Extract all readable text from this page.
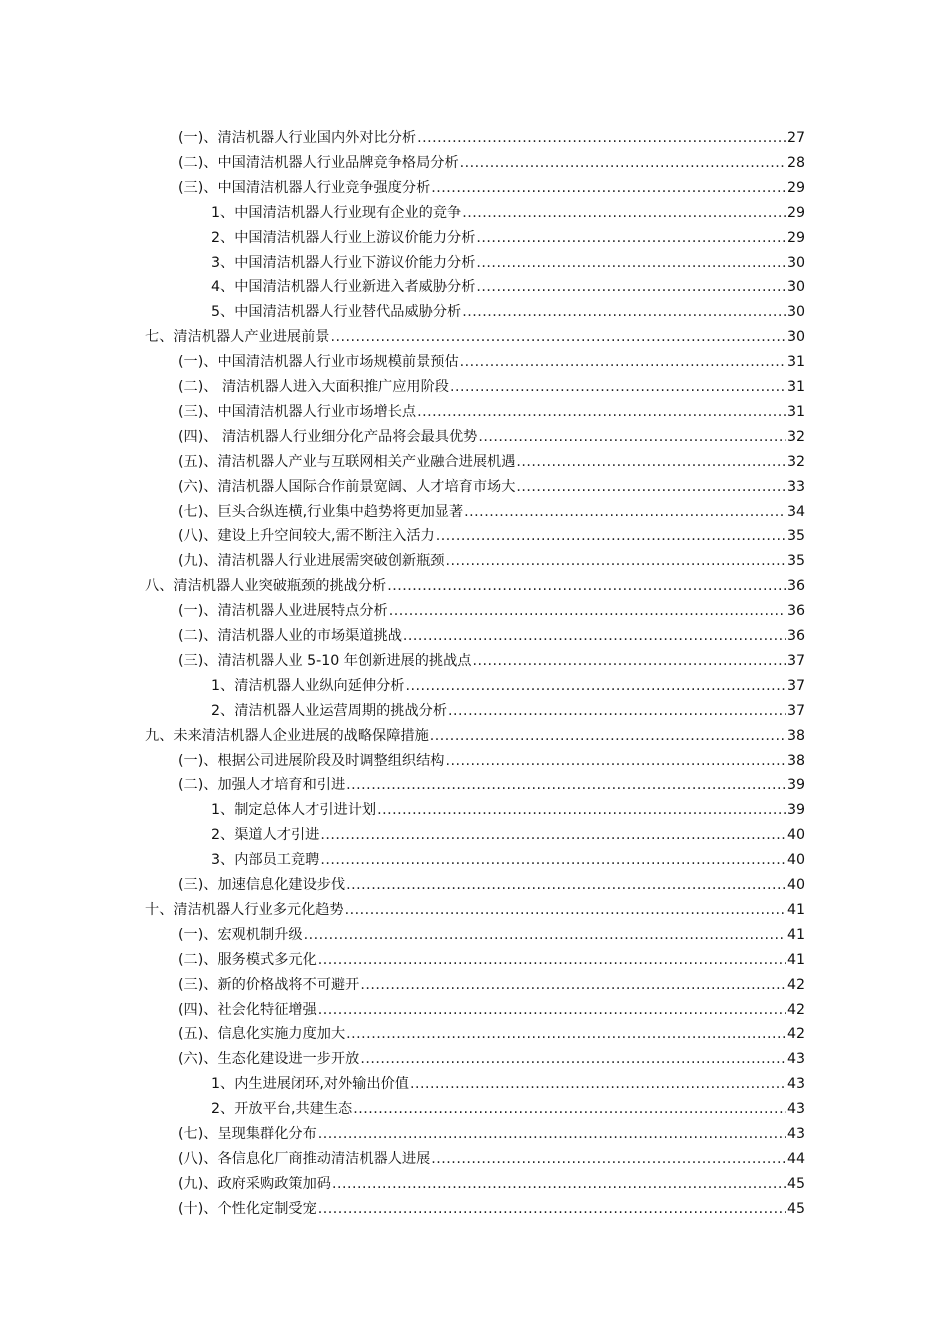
(一)、清洁机器人行业国内外对比分析 .....	27
(二)、中国清洁机器人行业品牌竞争格局分析 .....	28
(三)、中国清洁机器人行业竞争强度分析 .....	29
1、中国清洁机器人行业现有企业的竞争 .....	29
2、中国清洁机器人行业上游议价能力分析 .....	29
3、中国清洁机器人行业下游议价能力分析 .....	30
4、中国清洁机器人行业新进入者威胁分析 .....	30
5、中国清洁机器人行业替代品威胁分析 .....	30
七、清洁机器人产业进展前景 .....	30
(一)、中国清洁机器人行业市场规模前景预估 .....	31
(二)、 清洁机器人进入大面积推广应用阶段 .....	31
(三)、中国清洁机器人行业市场增长点 .....	31
(四)、 清洁机器人行业细分化产品将会最具优势 .....	32
(五)、清洁机器人产业与互联网相关产业融合进展机遇 .....	32
(六)、清洁机器人国际合作前景宽阔、人才培育市场大 .....	33
(七)、巨头合纵连横,行业集中趋势将更加显著 .....	34
(八)、建设上升空间较大,需不断注入活力 .....	35
(九)、清洁机器人行业进展需突破创新瓶颈 .....	35
八、清洁机器人业突破瓶颈的挑战分析 .....	36
(一)、清洁机器人业进展特点分析 .....	36
(二)、清洁机器人业的市场渠道挑战 .....	36
(三)、清洁机器人业 5-10 年创新进展的挑战点 .....	37
1、清洁机器人业纵向延伸分析 .....	37
2、清洁机器人业运营周期的挑战分析 .....	37
九、未来清洁机器人企业进展的战略保障措施 .....	38
(一)、根据公司进展阶段及时调整组织结构 .....	38
(二)、加强人才培育和引进 .....	39
1、制定总体人才引进计划 .....	39
2、渠道人才引进 .....	40
3、内部员工竞聘 .....	40
(三)、加速信息化建设步伐 .....	40
十、清洁机器人行业多元化趋势 .....	41
(一)、宏观机制升级 .....	41
(二)、服务模式多元化 .....	41
(三)、新的价格战将不可避开 .....	42
(四)、社会化特征增强 .....	42
(五)、信息化实施力度加大 .....	42
(六)、生态化建设进一步开放 .....	43
1、内生进展闭环,对外输出价值 .....	43
2、开放平台,共建生态 .....	43
(七)、呈现集群化分布 .....	43
(八)、各信息化厂商推动清洁机器人进展 .....	44
(九)、政府采购政策加码 .....	45
(十)、个性化定制受宠 .....	45
